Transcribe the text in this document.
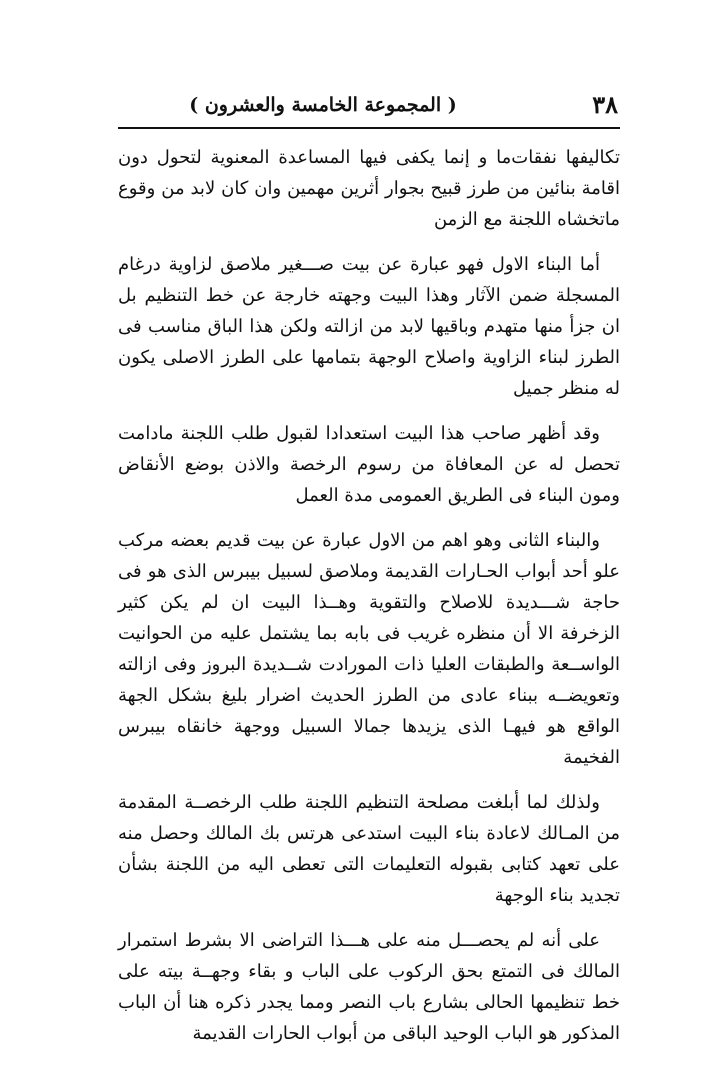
٣٨
( المجموعة الخامسة والعشرون )

تكاليفها نفقات‌ما و إنما يكفى فيها المساعدة المعنوية لتحول دون اقامة بنائين من طرز قبيح بجوار أثرين مهمين وان كان لابد من وقوع ماتخشاه اللجنة مع الزمن

أما البناء الاول فهو عبارة عن بيت صـــغير ملاصق لزاوية درغام المسجلة ضمن الآثار وهذا البيت وجهته خارجة عن خط التنظيم بل ان جزأ منها متهدم وباقيها لابد من ازالته ولكن هذا الباق مناسب فى الطرز لبناء الزاوية واصلاح الوجهة بتمامها على الطرز الاصلى يكون له منظر جميل

وقد أظهر صاحب هذا البيت استعدادا لقبول طلب اللجنة مادامت تحصل له عن المعافاة من رسوم الرخصة والاذن بوضع الأنقاض ومون البناء فى الطريق العمومى مدة العمل

والبناء الثانى وهو اهم من الاول عبارة عن بيت قديم بعضه مركب علو أحد أبواب الحـارات القديمة وملاصق لسبيل بيبرس الذى هو فى حاجة شـــديدة للاصلاح والتقوية وهــذا البيت ان لم يكن كثير الزخرفة الا أن منظره غريب فى بابه بما يشتمل عليه من الحوانيت الواســعة والطبقات العليا ذات المورادت شــديدة البروز وفى ازالته وتعويضــه ببناء عادى من الطرز الحديث اضرار بليغ بشكل الجهة الواقع هو فيهـا الذى يزيدها جمالا السبيل ووجهة خانقاه بيبرس الفخيمة

ولذلك لما أبلغت مصلحة التنظيم اللجنة طلب الرخصــة المقدمة من المـالك لاعادة بناء البيت استدعى هرتس بك المالك وحصل منه على تعهد كتابى بقبوله التعليمات التى تعطى اليه من اللجنة بشأن تجديد بناء الوجهة

على أنه لم يحصـــل منه على هـــذا التراضى الا بشرط استمرار المالك فى التمتع بحق الركوب على الباب و بقاء وجهــة بيته على خط تنظيمها الحالى بشارع باب النصر ومما يجدر ذكره هنا أن الباب المذكور هو الباب الوحيد الباقى من أبواب الحارات القديمة
